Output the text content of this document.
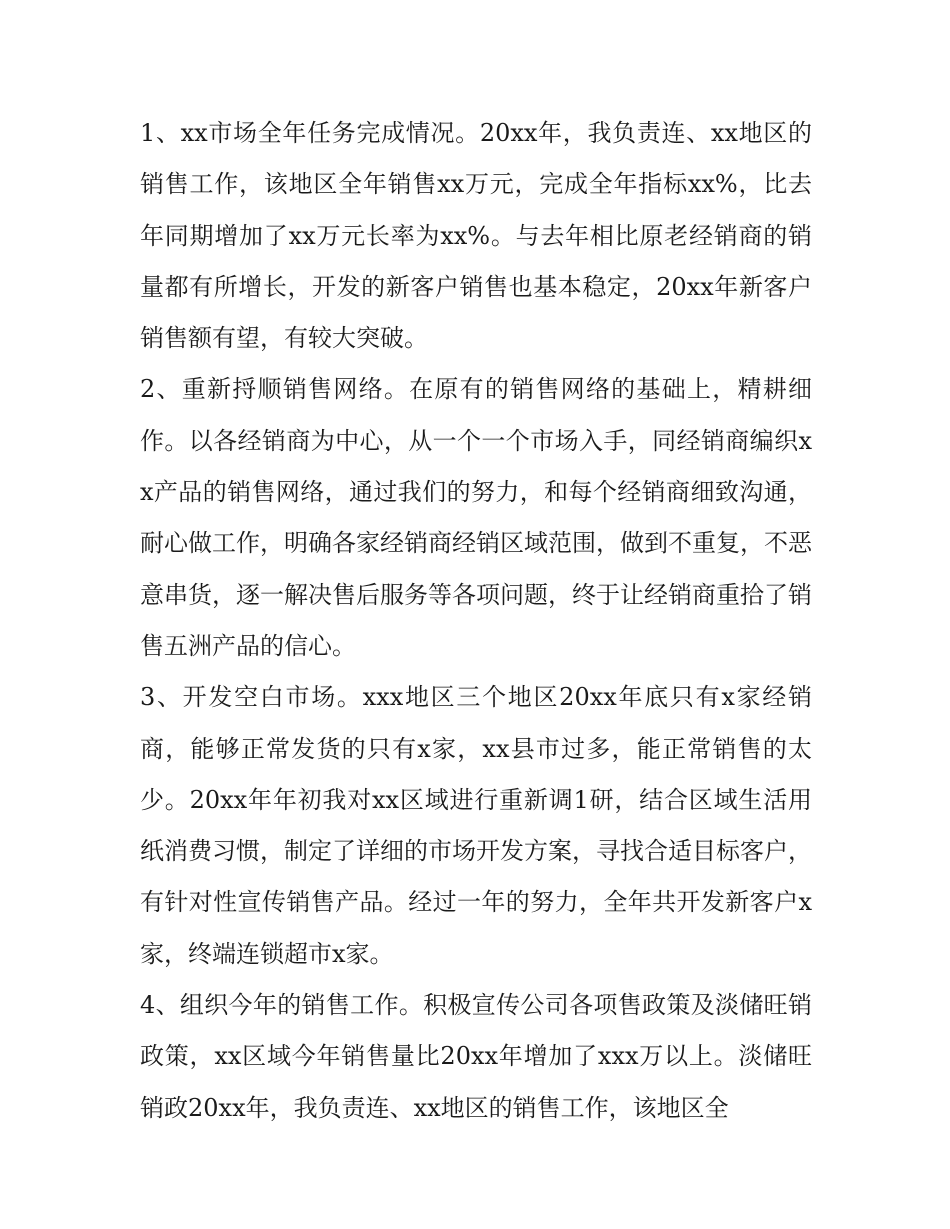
1、xx市场全年任务完成情况。20xx年，我负责连、xx地区的销售工作，该地区全年销售xx万元，完成全年指标xx%，比去年同期增加了xx万元长率为xx%。与去年相比原老经销商的销量都有所增长，开发的新客户销售也基本稳定，20xx年新客户销售额有望，有较大突破。

2、重新捋顺销售网络。在原有的销售网络的基础上，精耕细作。以各经销商为中心，从一个一个市场入手，同经销商编织xx产品的销售网络，通过我们的努力，和每个经销商细致沟通，耐心做工作，明确各家经销商经销区域范围，做到不重复，不恶意串货，逐一解决售后服务等各项问题，终于让经销商重拾了销售五洲产品的信心。

3、开发空白市场。xxx地区三个地区20xx年底只有x家经销商，能够正常发货的只有x家，xx县市过多，能正常销售的太少。20xx年年初我对xx区域进行重新调1研，结合区域生活用纸消费习惯，制定了详细的市场开发方案，寻找合适目标客户，有针对性宣传销售产品。经过一年的努力，全年共开发新客户x家，终端连锁超市x家。

4、组织今年的销售工作。积极宣传公司各项售政策及淡储旺销政策，xx区域今年销售量比20xx年增加了xxx万以上。淡储旺销政20xx年，我负责连、xx地区的销售工作，该地区全
